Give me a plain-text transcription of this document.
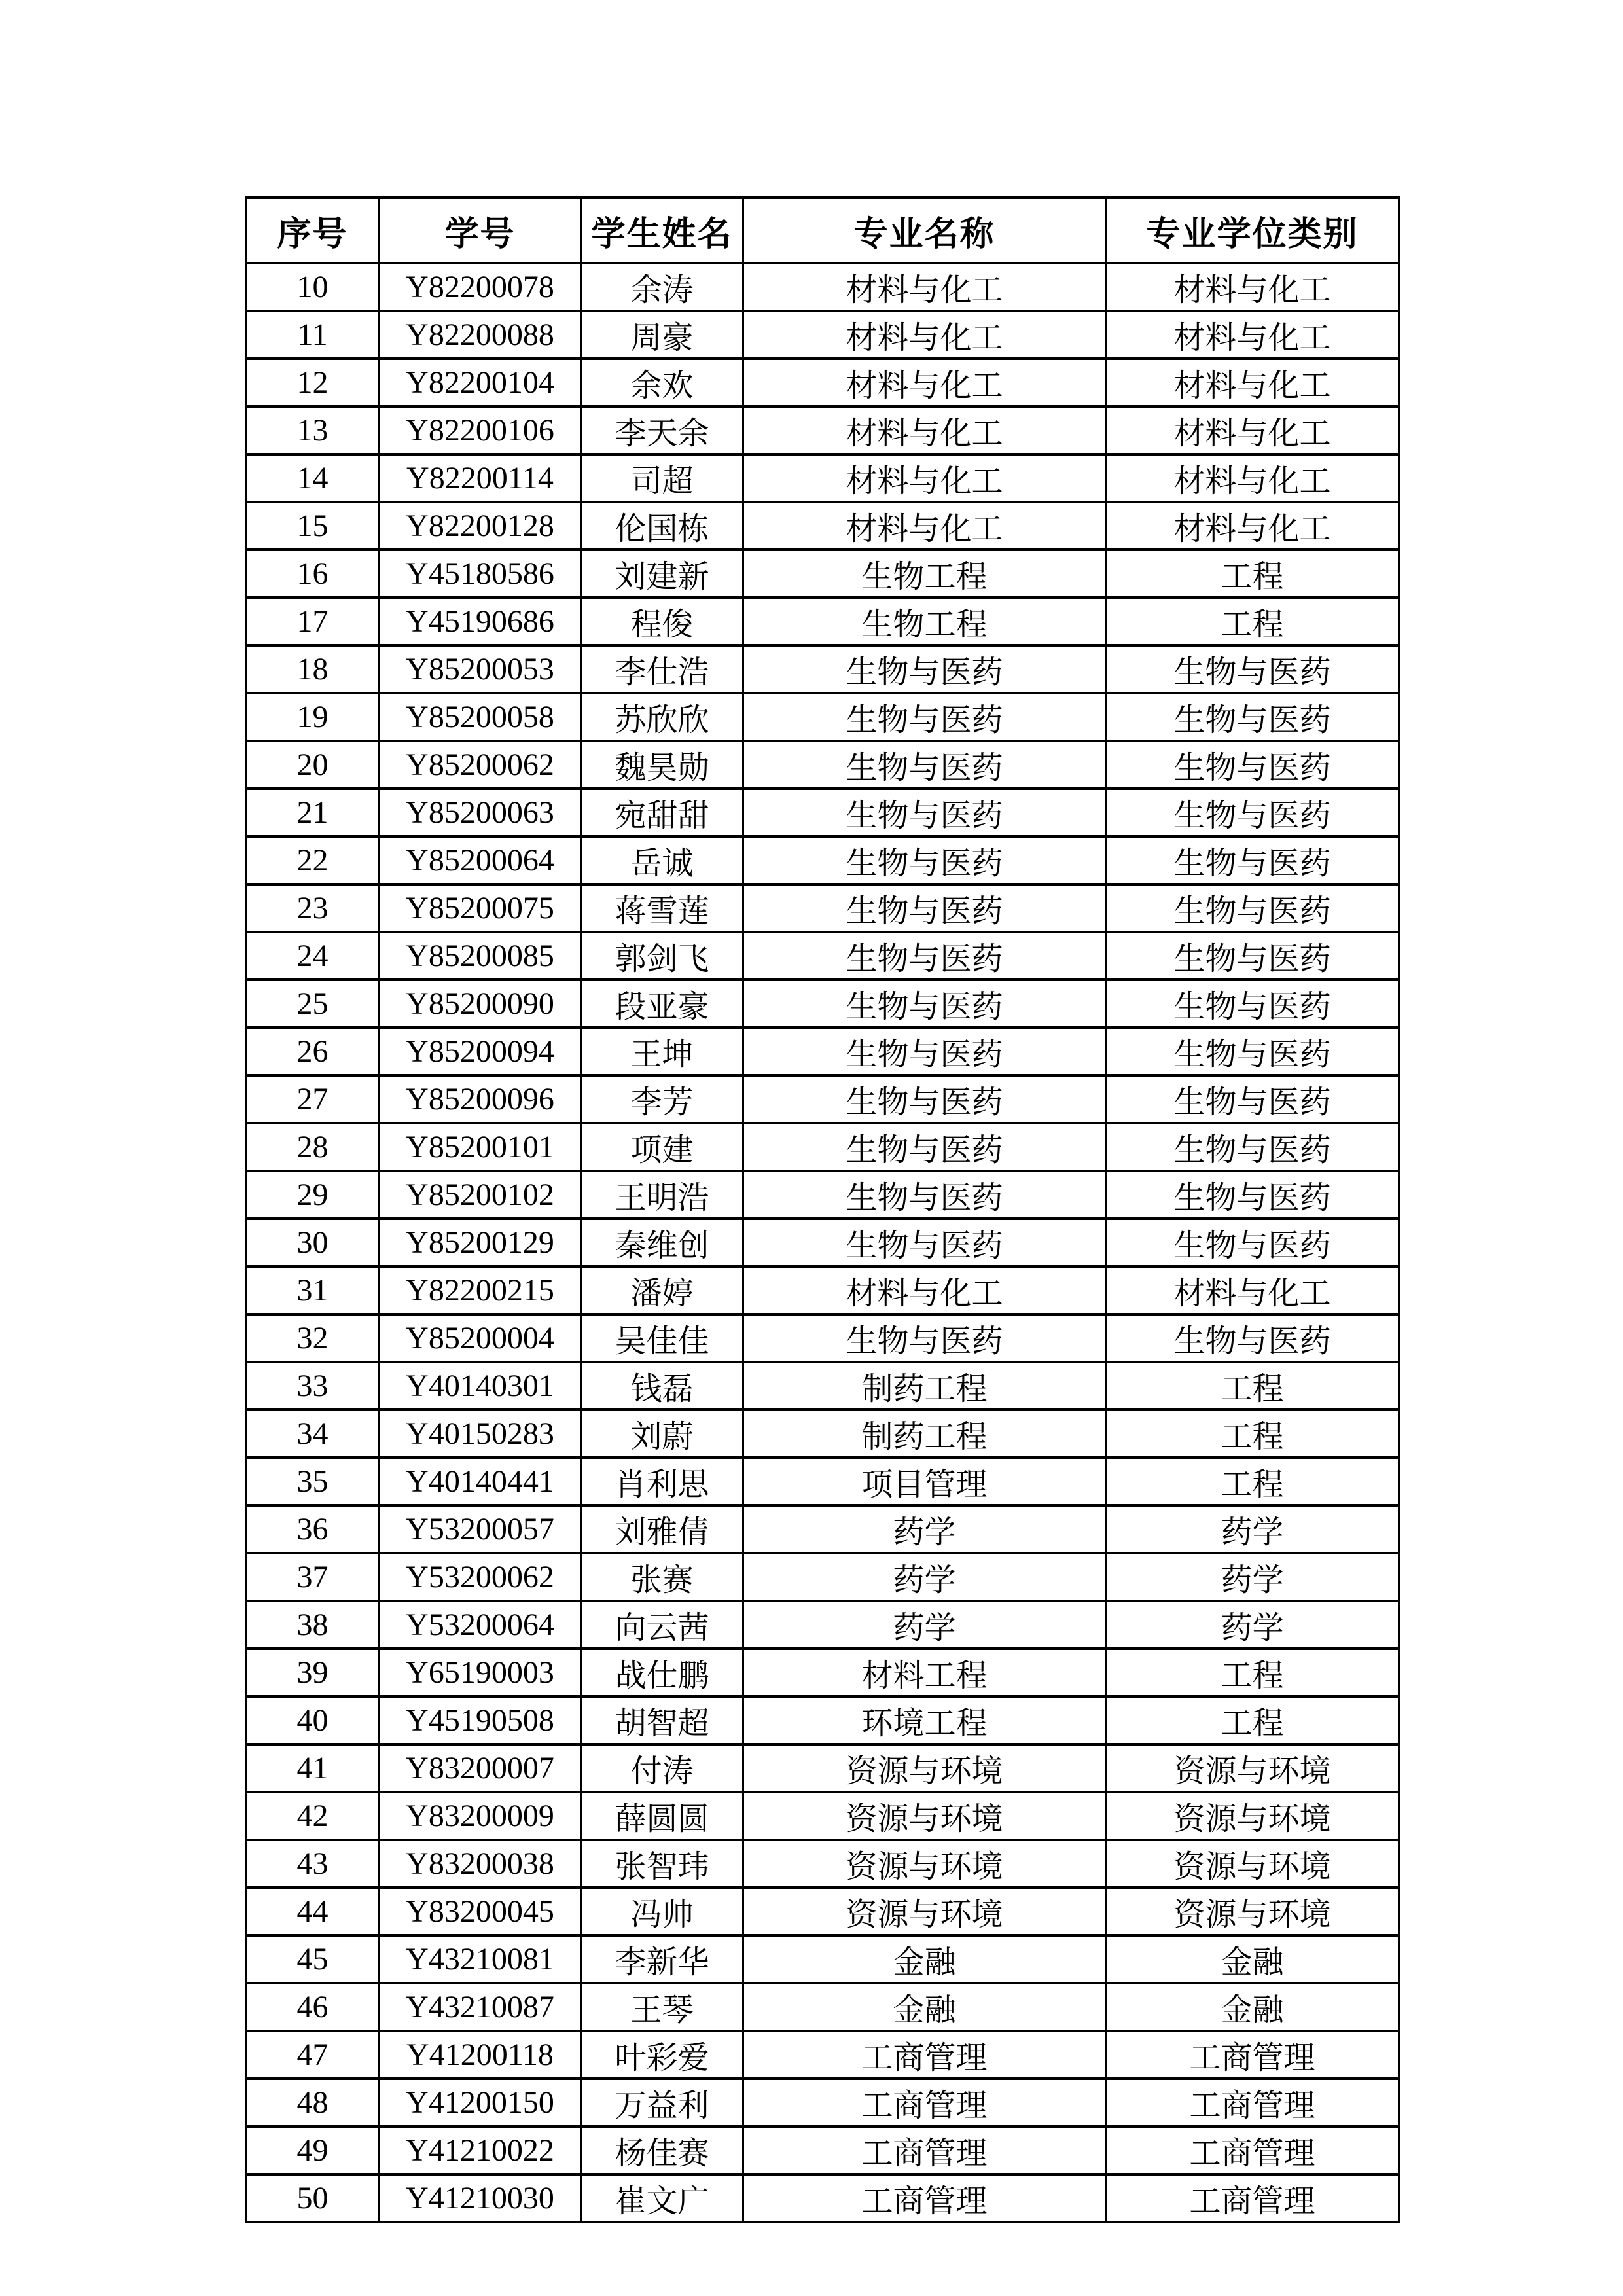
序号	学号	学生姓名	专业名称	专业学位类别
10	Y82200078	余涛	材料与化工	材料与化工
11	Y82200088	周豪	材料与化工	材料与化工
12	Y82200104	余欢	材料与化工	材料与化工
13	Y82200106	李天余	材料与化工	材料与化工
14	Y82200114	司超	材料与化工	材料与化工
15	Y82200128	伦国栋	材料与化工	材料与化工
16	Y45180586	刘建新	生物工程	工程
17	Y45190686	程俊	生物工程	工程
18	Y85200053	李仕浩	生物与医药	生物与医药
19	Y85200058	苏欣欣	生物与医药	生物与医药
20	Y85200062	魏昊勋	生物与医药	生物与医药
21	Y85200063	宛甜甜	生物与医药	生物与医药
22	Y85200064	岳诚	生物与医药	生物与医药
23	Y85200075	蒋雪莲	生物与医药	生物与医药
24	Y85200085	郭剑飞	生物与医药	生物与医药
25	Y85200090	段亚豪	生物与医药	生物与医药
26	Y85200094	王坤	生物与医药	生物与医药
27	Y85200096	李芳	生物与医药	生物与医药
28	Y85200101	项建	生物与医药	生物与医药
29	Y85200102	王明浩	生物与医药	生物与医药
30	Y85200129	秦维创	生物与医药	生物与医药
31	Y82200215	潘婷	材料与化工	材料与化工
32	Y85200004	吴佳佳	生物与医药	生物与医药
33	Y40140301	钱磊	制药工程	工程
34	Y40150283	刘蔚	制药工程	工程
35	Y40140441	肖利思	项目管理	工程
36	Y53200057	刘雅倩	药学	药学
37	Y53200062	张赛	药学	药学
38	Y53200064	向云茜	药学	药学
39	Y65190003	战仕鹏	材料工程	工程
40	Y45190508	胡智超	环境工程	工程
41	Y83200007	付涛	资源与环境	资源与环境
42	Y83200009	薛圆圆	资源与环境	资源与环境
43	Y83200038	张智玮	资源与环境	资源与环境
44	Y83200045	冯帅	资源与环境	资源与环境
45	Y43210081	李新华	金融	金融
46	Y43210087	王琴	金融	金融
47	Y41200118	叶彩爱	工商管理	工商管理
48	Y41200150	万益利	工商管理	工商管理
49	Y41210022	杨佳赛	工商管理	工商管理
50	Y41210030	崔文广	工商管理	工商管理
